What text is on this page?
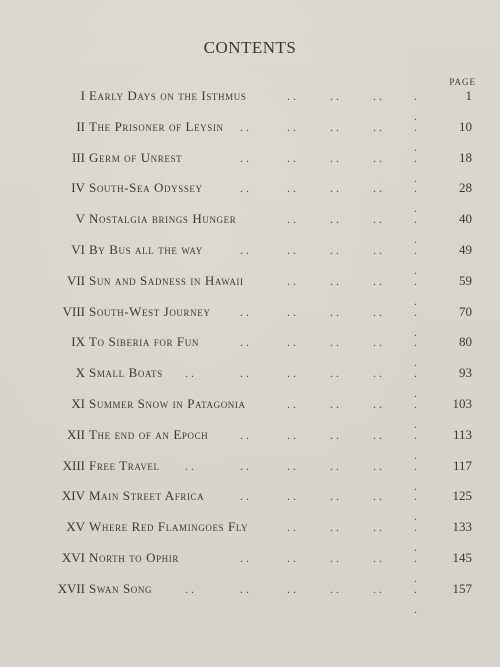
CONTENTS
PAGE
I Early Days on the Isthmus	1
. .	. .	. .	. .
II The Prisoner of Leysin	10
. .	. .	. .	. .	. .
III Germ of Unrest	18
. .	. .	. .	. .	. .
IV South-Sea Odyssey	28
. .	. .	. .	. .	. .
V Nostalgia brings Hunger	40
. .	. .	. .	. .
VI By Bus all the way	49
. .	. .	. .	. .	. .
VII Sun and Sadness in Hawaii	59
. .	. .	. .	. .
VIII South-West Journey	70
. .	. .	. .	. .	. .
IX To Siberia for Fun	80
. .	. .	. .	. .	. .
X Small Boats	93
. .	. .	. .	. .	. .	. .
XI Summer Snow in Patagonia	103
. .	. .	. .	. .
XII The end of an Epoch	113
. .	. .	. .	. .	. .
XIII Free Travel	117
. .	. .	. .	. .	. .	. .
XIV Main Street Africa	125
. .	. .	. .	. .	. .
XV Where Red Flamingoes Fly	133
. .	. .	. .	. .
XVI North to Ophir	145
. .	. .	. .	. .	. .
XVII Swan Song	157
. .	. .	. .	. .	. .	. .
